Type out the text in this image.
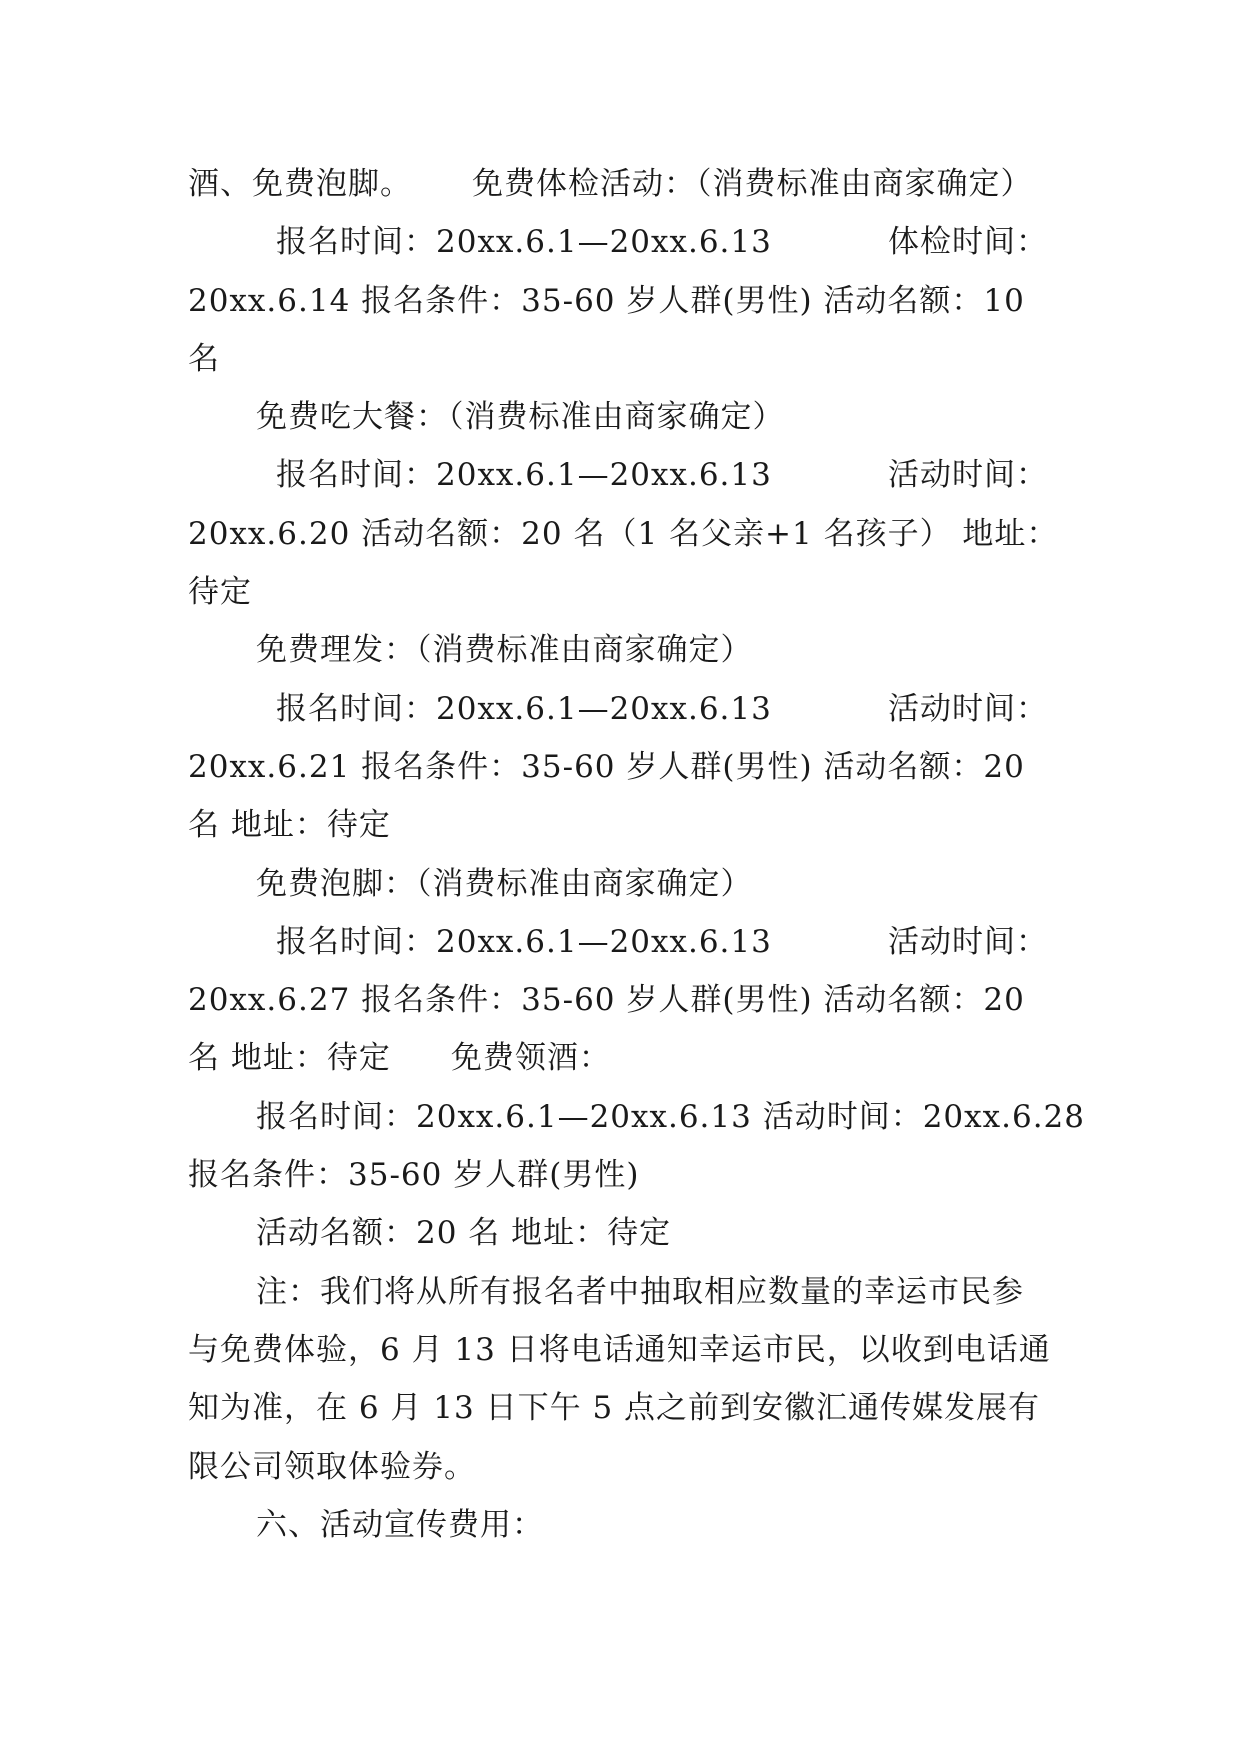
酒、免费泡脚。 免费体检活动：（消费标准由商家确定）
报名时间：20xx.6.1—20xx.6.13	体检时间：
20xx.6.14 报名条件：35-60 岁人群(男性) 活动名额：10
名
免费吃大餐：（消费标准由商家确定）
报名时间：20xx.6.1—20xx.6.13	活动时间：
20xx.6.20 活动名额：20 名（1 名父亲+1 名孩子） 地址：
待定
免费理发：（消费标准由商家确定）
报名时间：20xx.6.1—20xx.6.13	活动时间：
20xx.6.21 报名条件：35-60 岁人群(男性) 活动名额：20
名 地址：待定
免费泡脚：（消费标准由商家确定）
报名时间：20xx.6.1—20xx.6.13	活动时间：
20xx.6.27 报名条件：35-60 岁人群(男性) 活动名额：20
名 地址：待定 免费领酒：
报名时间：20xx.6.1—20xx.6.13 活动时间：20xx.6.28
报名条件：35-60 岁人群(男性)
活动名额：20 名 地址：待定
注：我们将从所有报名者中抽取相应数量的幸运市民参
与免费体验，6 月 13 日将电话通知幸运市民，以收到电话通
知为准，在 6 月 13 日下午 5 点之前到安徽汇通传媒发展有
限公司领取体验券。
六、活动宣传费用：
